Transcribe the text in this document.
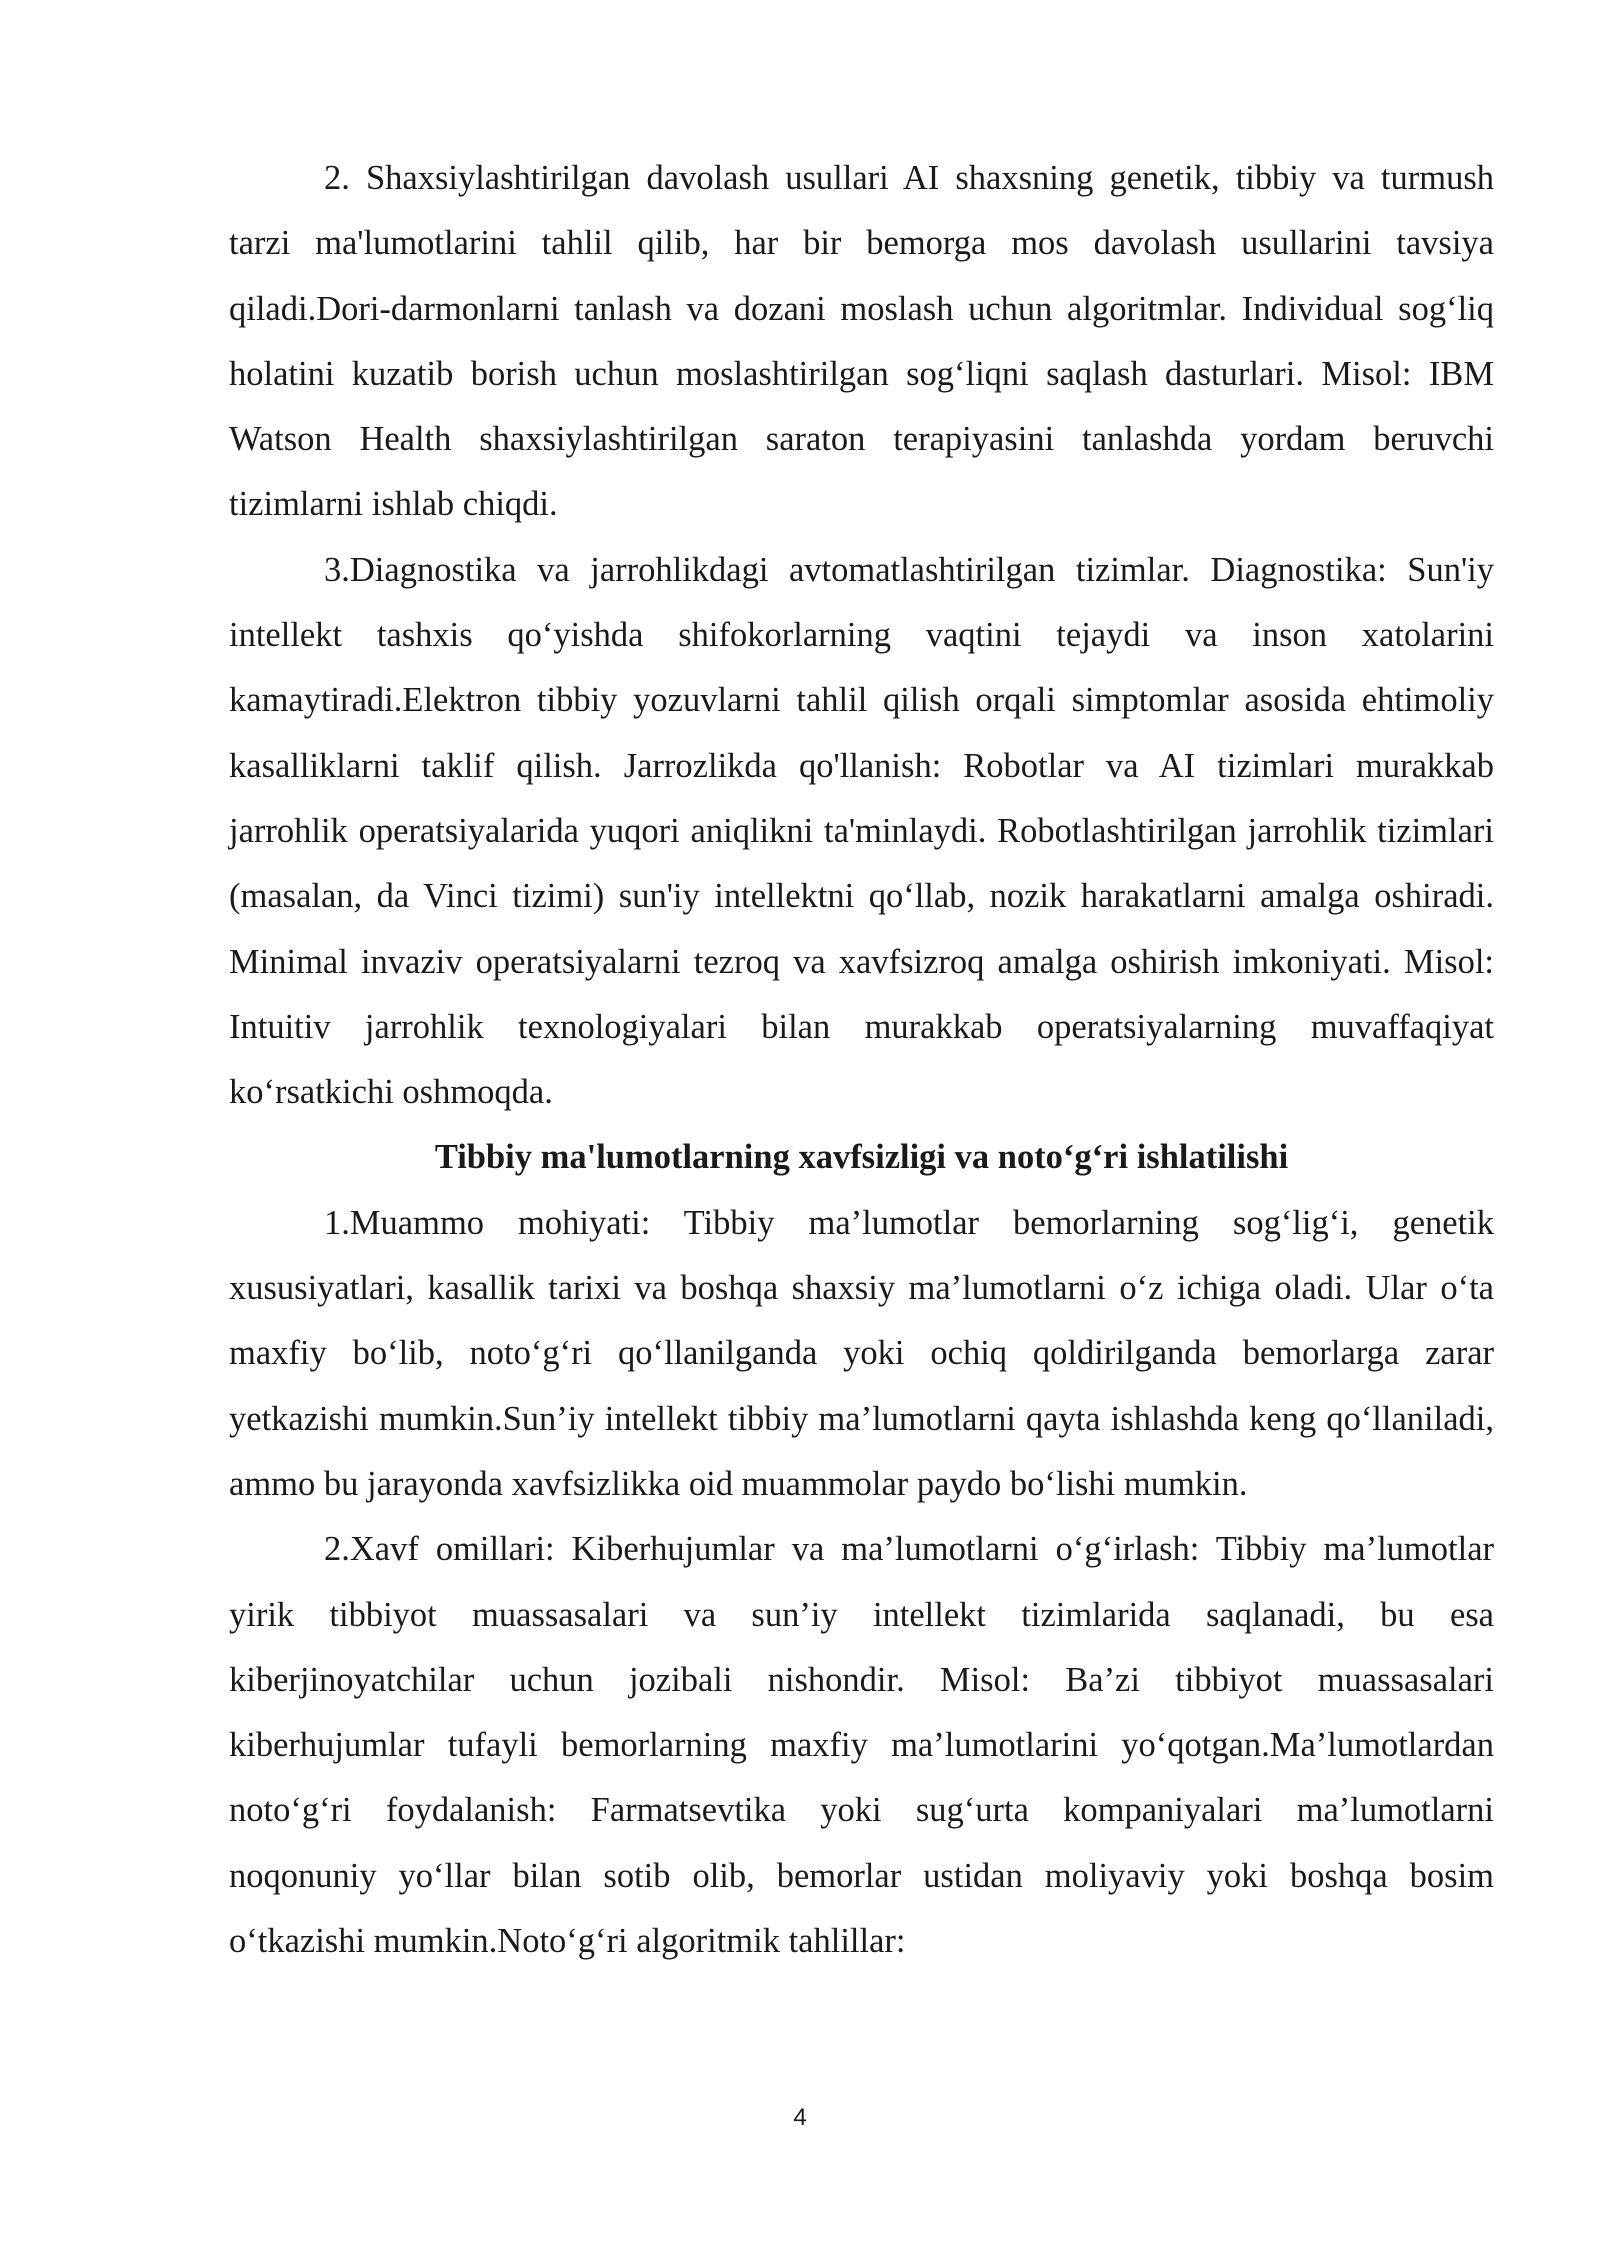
2. Shaxsiylashtirilgan davolash usullari AI shaxsning genetik, tibbiy va turmush tarzi ma'lumotlarini tahlil qilib, har bir bemorga mos davolash usullarini tavsiya qiladi.Dori-darmonlarni tanlash va dozani moslash uchun algoritmlar. Individual sog‘liq holatini kuzatib borish uchun moslashtirilgan sog‘liqni saqlash dasturlari. Misol: IBM Watson Health shaxsiylashtirilgan saraton terapiyasini tanlashda yordam beruvchi tizimlarni ishlab chiqdi.

3.Diagnostika va jarrohlikdagi avtomatlashtirilgan tizimlar. Diagnostika: Sun'iy intellekt tashxis qo‘yishda shifokorlarning vaqtini tejaydi va inson xatolarini kamaytiradi.Elektron tibbiy yozuvlarni tahlil qilish orqali simptomlar asosida ehtimoliy kasalliklarni taklif qilish. Jarrozlikda qo'llanish: Robotlar va AI tizimlari murakkab jarrohlik operatsiyalarida yuqori aniqlikni ta'minlaydi. Robotlashtirilgan jarrohlik tizimlari (masalan, da Vinci tizimi) sun'iy intellektni qo‘llab, nozik harakatlarni amalga oshiradi. Minimal invaziv operatsiyalarni tezroq va xavfsizroq amalga oshirish imkoniyati. Misol: Intuitiv jarrohlik texnologiyalari bilan murakkab operatsiyalarning muvaffaqiyat ko‘rsatkichi oshmoqda.

Tibbiy ma'lumotlarning xavfsizligi va noto‘g‘ri ishlatilishi

1.Muammo mohiyati: Tibbiy ma’lumotlar bemorlarning sog‘lig‘i, genetik xususiyatlari, kasallik tarixi va boshqa shaxsiy ma’lumotlarni o‘z ichiga oladi. Ular o‘ta maxfiy bo‘lib, noto‘g‘ri qo‘llanilganda yoki ochiq qoldirilganda bemorlarga zarar yetkazishi mumkin.Sun’iy intellekt tibbiy ma’lumotlarni qayta ishlashda keng qo‘llaniladi, ammo bu jarayonda xavfsizlikka oid muammolar paydo bo‘lishi mumkin.

2.Xavf omillari: Kiberhujumlar va ma’lumotlarni o‘g‘irlash: Tibbiy ma’lumotlar yirik tibbiyot muassasalari va sun’iy intellekt tizimlarida saqlanadi, bu esa kiberjinoyatchilar uchun jozibali nishondir. Misol: Ba’zi tibbiyot muassasalari kiberhujumlar tufayli bemorlarning maxfiy ma’lumotlarini yo‘qotgan.Ma’lumotlardan noto‘g‘ri foydalanish: Farmatsevtika yoki sug‘urta kompaniyalari ma’lumotlarni noqonuniy yo‘llar bilan sotib olib, bemorlar ustidan moliyaviy yoki boshqa bosim o‘tkazishi mumkin.Noto‘g‘ri algoritmik tahlillar:

4
